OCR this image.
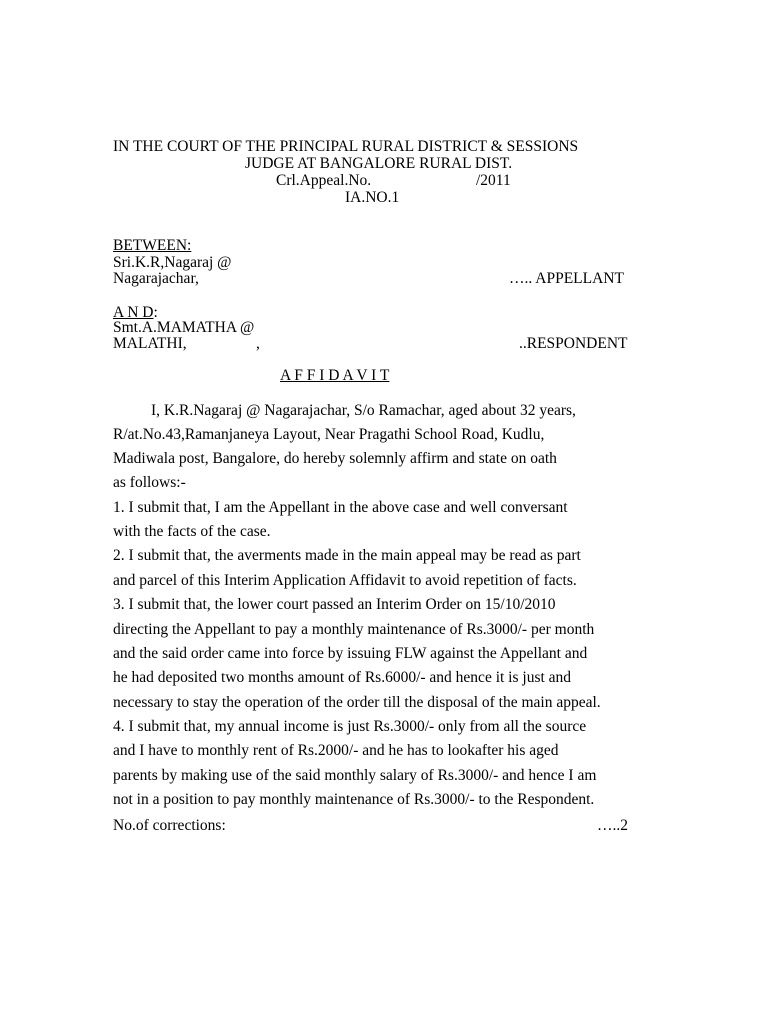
IN THE COURT OF THE PRINCIPAL RURAL DISTRICT & SESSIONS
JUDGE AT BANGALORE RURAL DIST.
Crl.Appeal.No.	/2011
IA.NO.1
BETWEEN:
Sri.K.R,Nagaraj @
Nagarajachar,	….. APPELLANT
A N D:
Smt.A.MAMATHA @
MALATHI,	,	..RESPONDENT
A F F I D A V I T
I, K.R.Nagaraj @ Nagarajachar, S/o Ramachar, aged about 32 years,
R/at.No.43,Ramanjaneya Layout, Near Pragathi School Road, Kudlu,
Madiwala post, Bangalore, do hereby solemnly affirm and state on oath
as follows:-
1. I submit that, I am the Appellant in the above case and well conversant
with the facts of the case.
2. I submit that, the averments made in the main appeal may be read as part
and parcel of this Interim Application Affidavit to avoid repetition of facts.
3. I submit that, the lower court passed an Interim Order on 15/10/2010
directing the Appellant to pay a monthly maintenance of Rs.3000/- per month
and the said order came into force by issuing FLW against the Appellant and
he had deposited two months amount of Rs.6000/- and hence it is just and
necessary to stay the operation of the order till the disposal of the main appeal.
4. I submit that, my annual income is just Rs.3000/- only from all the source
and I have to monthly rent of Rs.2000/- and he has to lookafter his aged
parents by making use of the said monthly salary of Rs.3000/- and hence I am
not in a position to pay monthly maintenance of Rs.3000/- to the Respondent.
No.of corrections:	…..2
